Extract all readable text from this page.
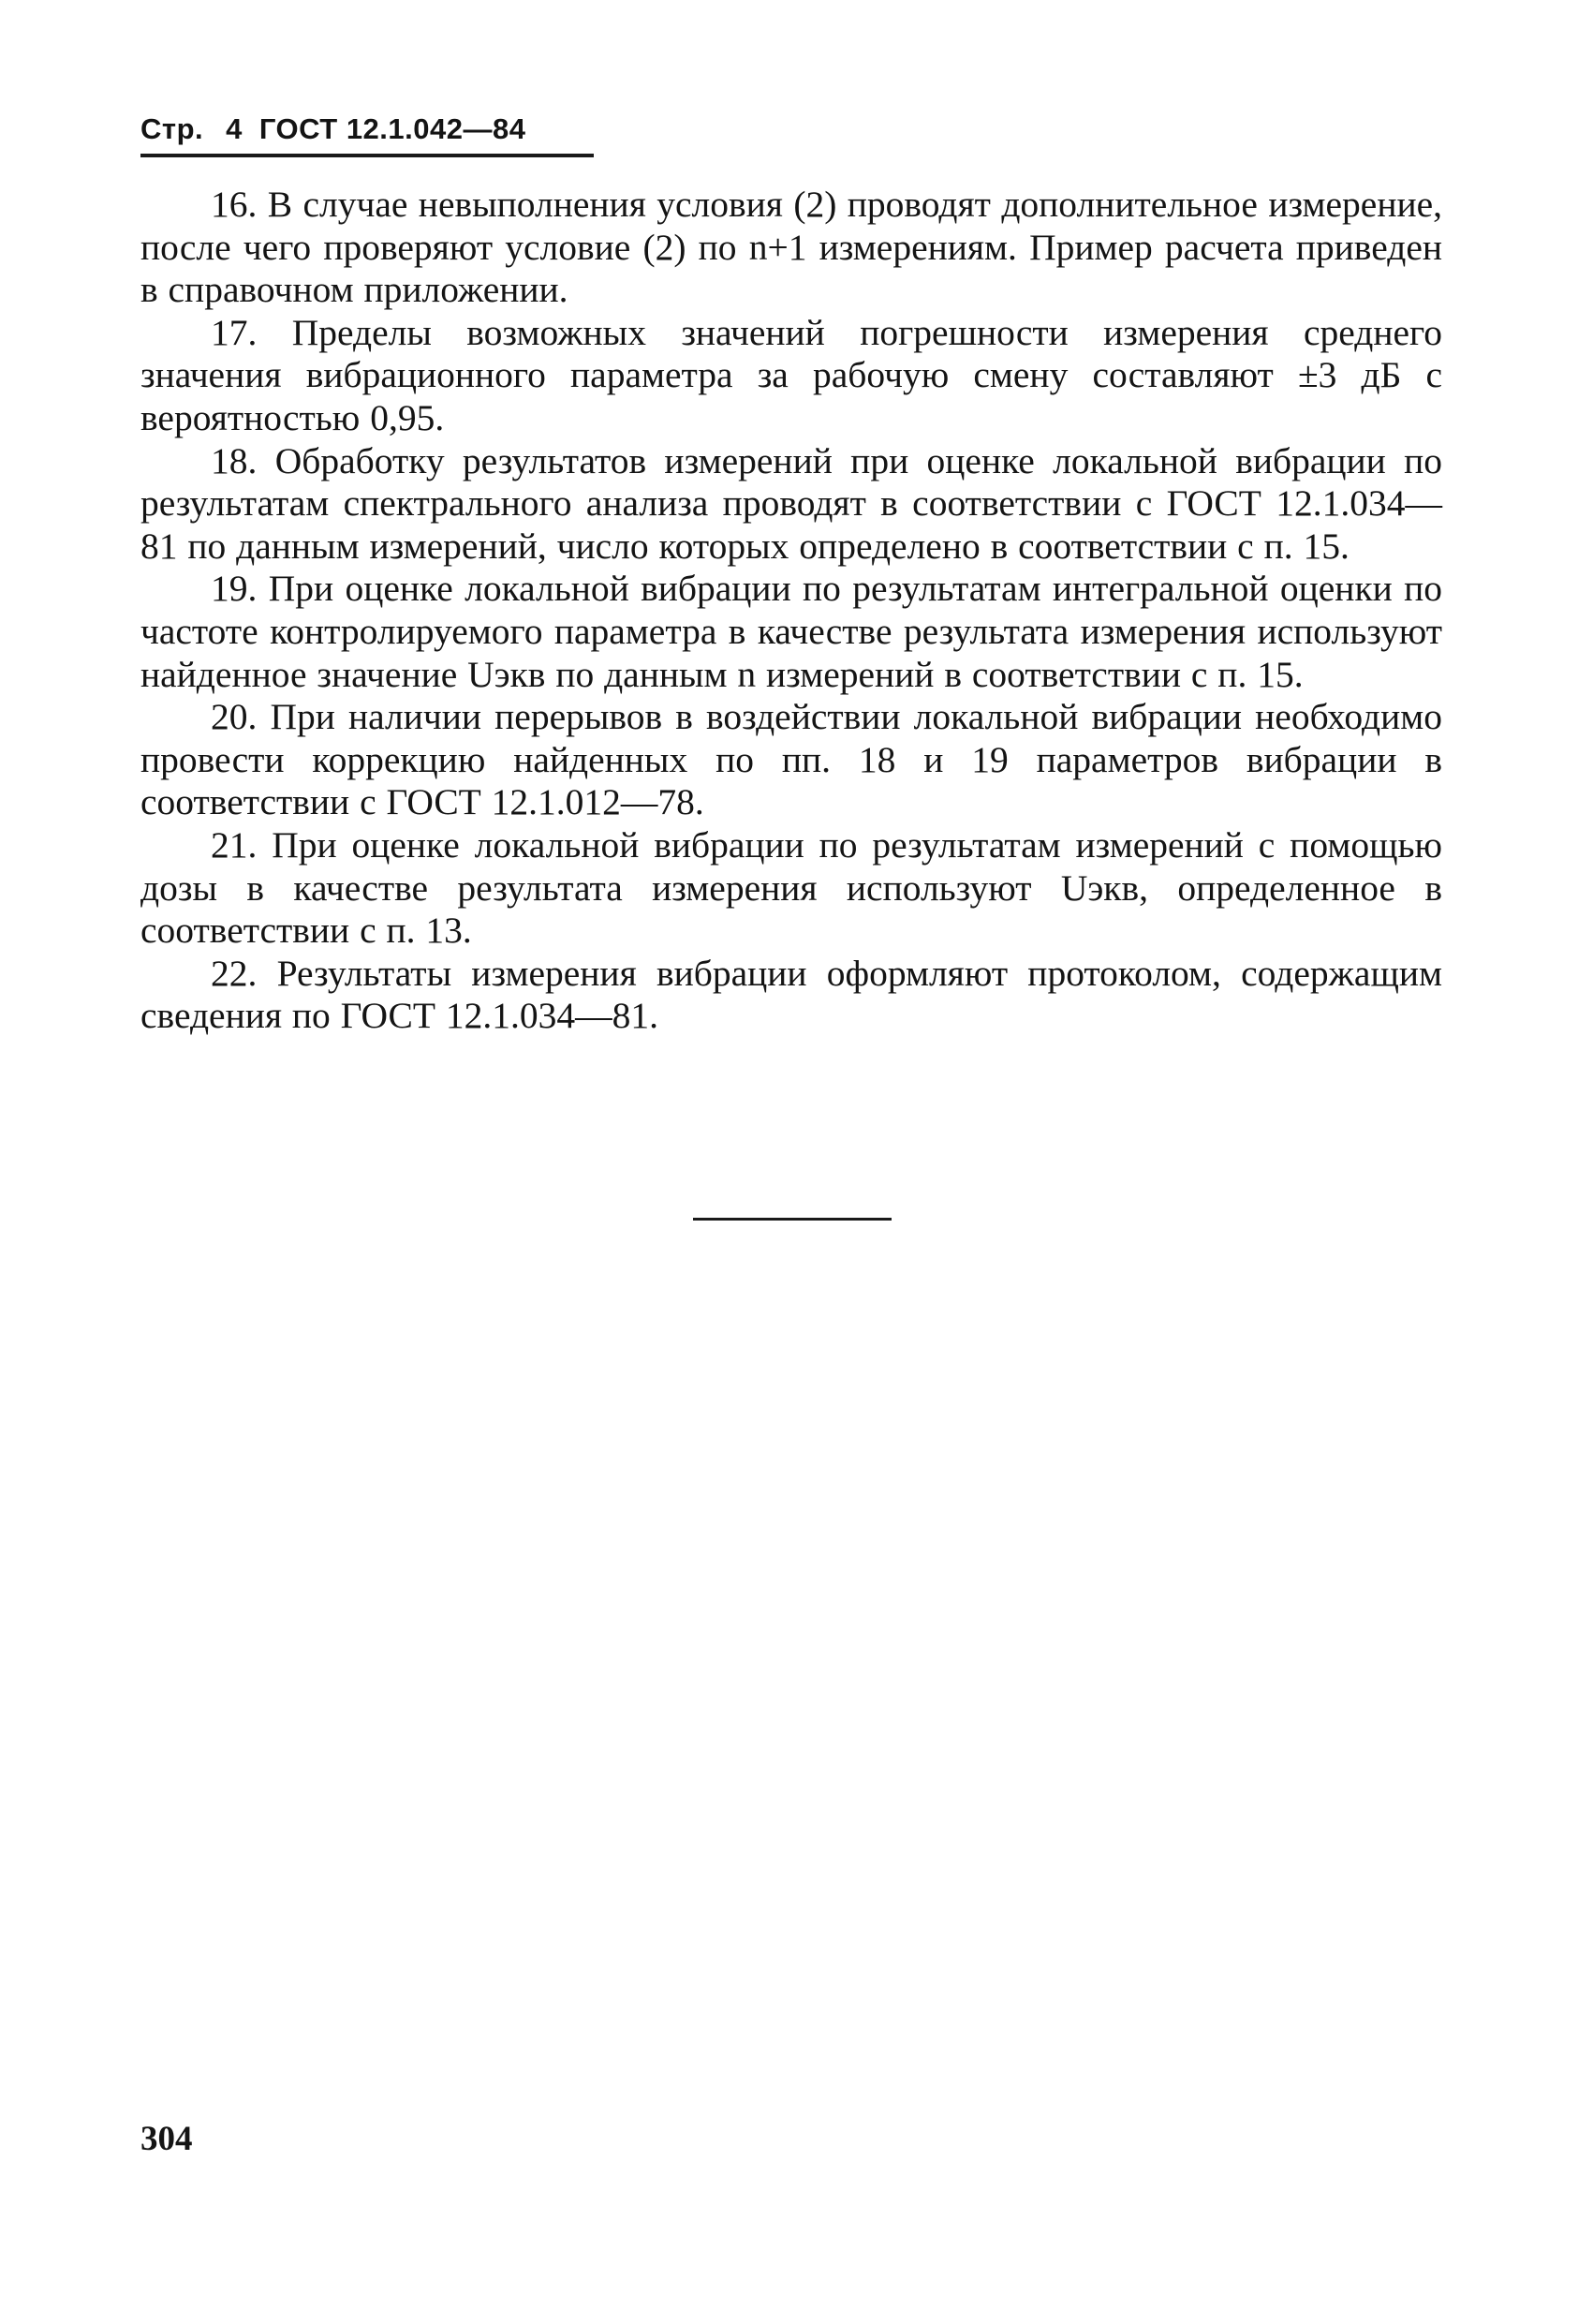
Стр. 4 ГОСТ 12.1.042—84

16. В случае невыполнения условия (2) проводят дополнительное измерение, после чего проверяют условие (2) по n+1 измерениям. Пример расчета приведен в справочном приложении.

17. Пределы возможных значений погрешности измерения среднего значения вибрационного параметра за рабочую смену составляют ±3 дБ с вероятностью 0,95.

18. Обработку результатов измерений при оценке локальной вибрации по результатам спектрального анализа проводят в соответствии с ГОСТ 12.1.034—81 по данным измерений, число которых определено в соответствии с п. 15.

19. При оценке локальной вибрации по результатам интегральной оценки по частоте контролируемого параметра в качестве результата измерения используют найденное значение Uэкв по данным n измерений в соответствии с п. 15.

20. При наличии перерывов в воздействии локальной вибрации необходимо провести коррекцию найденных по пп. 18 и 19 параметров вибрации в соответствии с ГОСТ 12.1.012—78.

21. При оценке локальной вибрации по результатам измерений с помощью дозы в качестве результата измерения используют Uэкв, определенное в соответствии с п. 13.

22. Результаты измерения вибрации оформляют протоколом, содержащим сведения по ГОСТ 12.1.034—81.

304
